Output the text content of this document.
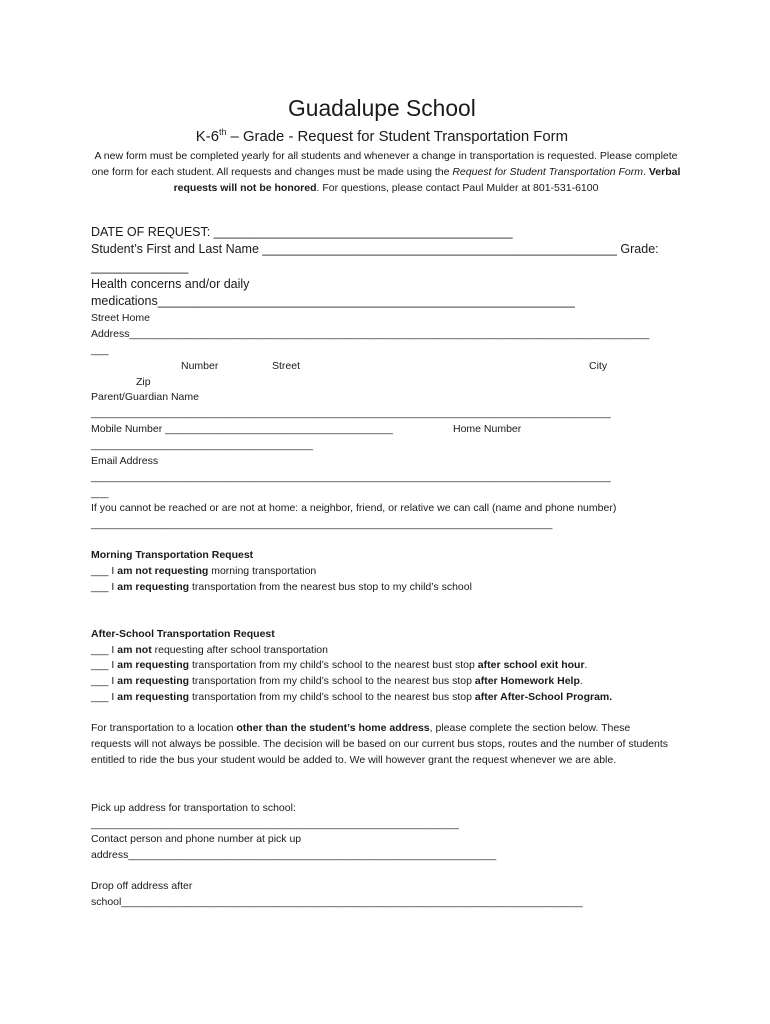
Guadalupe School
K-6th – Grade - Request for Student Transportation Form
A new form must be completed yearly for all students and whenever a change in transportation is requested. Please complete one form for each student. All requests and changes must be made using the Request for Student Transportation Form. Verbal requests will not be honored. For questions, please contact Paul Mulder at 801-531-6100
DATE OF REQUEST: ___________________________________________
Student’s First and Last Name ___________________________________________________ Grade:
______________
Health concerns and/or daily
medications____________________________________________________________
Street Home
Address_________________________________________________________________________________________
___
Number	Street	City
Zip
Parent/Guardian Name
_________________________________________________________________________________________
Mobile Number _______________________________________	Home Number
______________________________________
Email Address
_________________________________________________________________________________________
___
If you cannot be reached or are not at home: a neighbor, friend, or relative we can call (name and phone number)
_______________________________________________________________________________
Morning Transportation Request
___ I am not requesting morning transportation
___ I am requesting transportation from the nearest bus stop to my child’s school
After-School Transportation Request
___ I am not requesting after school transportation
___ I am requesting transportation from my child’s school to the nearest bust stop after school exit hour.
___ I am requesting transportation from my child’s school to the nearest bus stop after Homework Help.
___ I am requesting transportation from my child’s school to the nearest bus stop after After-School Program.
For transportation to a location other than the student’s home address, please complete the section below. These requests will not always be possible. The decision will be based on our current bus stops, routes and the number of students entitled to ride the bus your student would be added to. We will however grant the request whenever we are able.
Pick up address for transportation to school:
_______________________________________________________________
Contact person and phone number at pick up
address_______________________________________________________________
Drop off address after
school_______________________________________________________________________________
